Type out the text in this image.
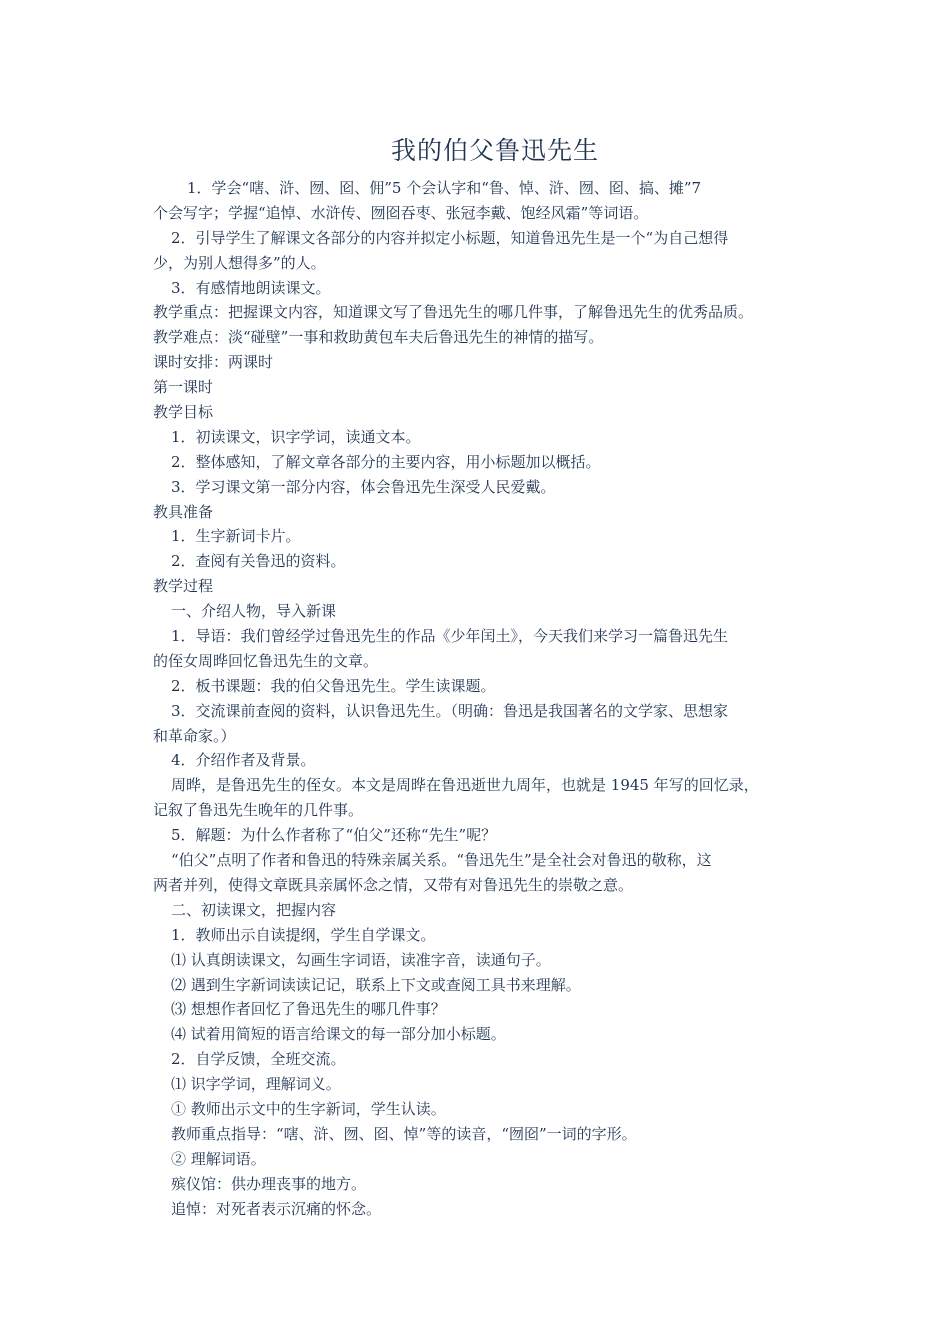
我的伯父鲁迅先生
1．学会“嗐、浒、囫、囵、佣”5 个会认字和“鲁、悼、浒、囫、囵、搞、摊”7
个会写字；学握“追悼、水浒传、囫囵吞枣、张冠李戴、饱经风霜”等词语。
2．引导学生了解课文各部分的内容并拟定小标题，知道鲁迅先生是一个“为自己想得
少，为别人想得多”的人。
3．有感情地朗读课文。
教学重点：把握课文内容，知道课文写了鲁迅先生的哪几件事，了解鲁迅先生的优秀品质。
教学难点：淡“碰壁”一事和救助黄包车夫后鲁迅先生的神情的描写。
课时安排：两课时
第一课时
教学目标
1．初读课文，识字学词，读通文本。
2．整体感知，了解文章各部分的主要内容，用小标题加以概括。
3．学习课文第一部分内容，体会鲁迅先生深受人民爱戴。
教具准备
1．生字新词卡片。
2．查阅有关鲁迅的资料。
教学过程
一、介绍人物，导入新课
1．导语：我们曾经学过鲁迅先生的作品《少年闰土》，今天我们来学习一篇鲁迅先生
的侄女周晔回忆鲁迅先生的文章。
2．板书课题：我的伯父鲁迅先生。学生读课题。
3．交流课前查阅的资料，认识鲁迅先生。（明确：鲁迅是我国著名的文学家、思想家
和革命家。）
4．介绍作者及背景。
周晔，是鲁迅先生的侄女。本文是周晔在鲁迅逝世九周年，也就是 1945 年写的回忆录，
记叙了鲁迅先生晚年的几件事。
5．解题：为什么作者称了“伯父”还称“先生”呢？
“伯父”点明了作者和鲁迅的特殊亲属关系。“鲁迅先生”是全社会对鲁迅的敬称，这
两者并列，使得文章既具亲属怀念之情，又带有对鲁迅先生的崇敬之意。
二、初读课文，把握内容
1．教师出示自读提纲，学生自学课文。
⑴ 认真朗读课文，勾画生字词语，读准字音，读通句子。
⑵ 遇到生字新词读读记记，联系上下文或查阅工具书来理解。
⑶ 想想作者回忆了鲁迅先生的哪几件事？
⑷ 试着用简短的语言给课文的每一部分加小标题。
2．自学反馈，全班交流。
⑴ 识字学词，理解词义。
① 教师出示文中的生字新词，学生认读。
教师重点指导：“嗐、浒、囫、囵、悼”等的读音，“囫囵”一词的字形。
② 理解词语。
殡仪馆：供办理丧事的地方。
追悼：对死者表示沉痛的怀念。
